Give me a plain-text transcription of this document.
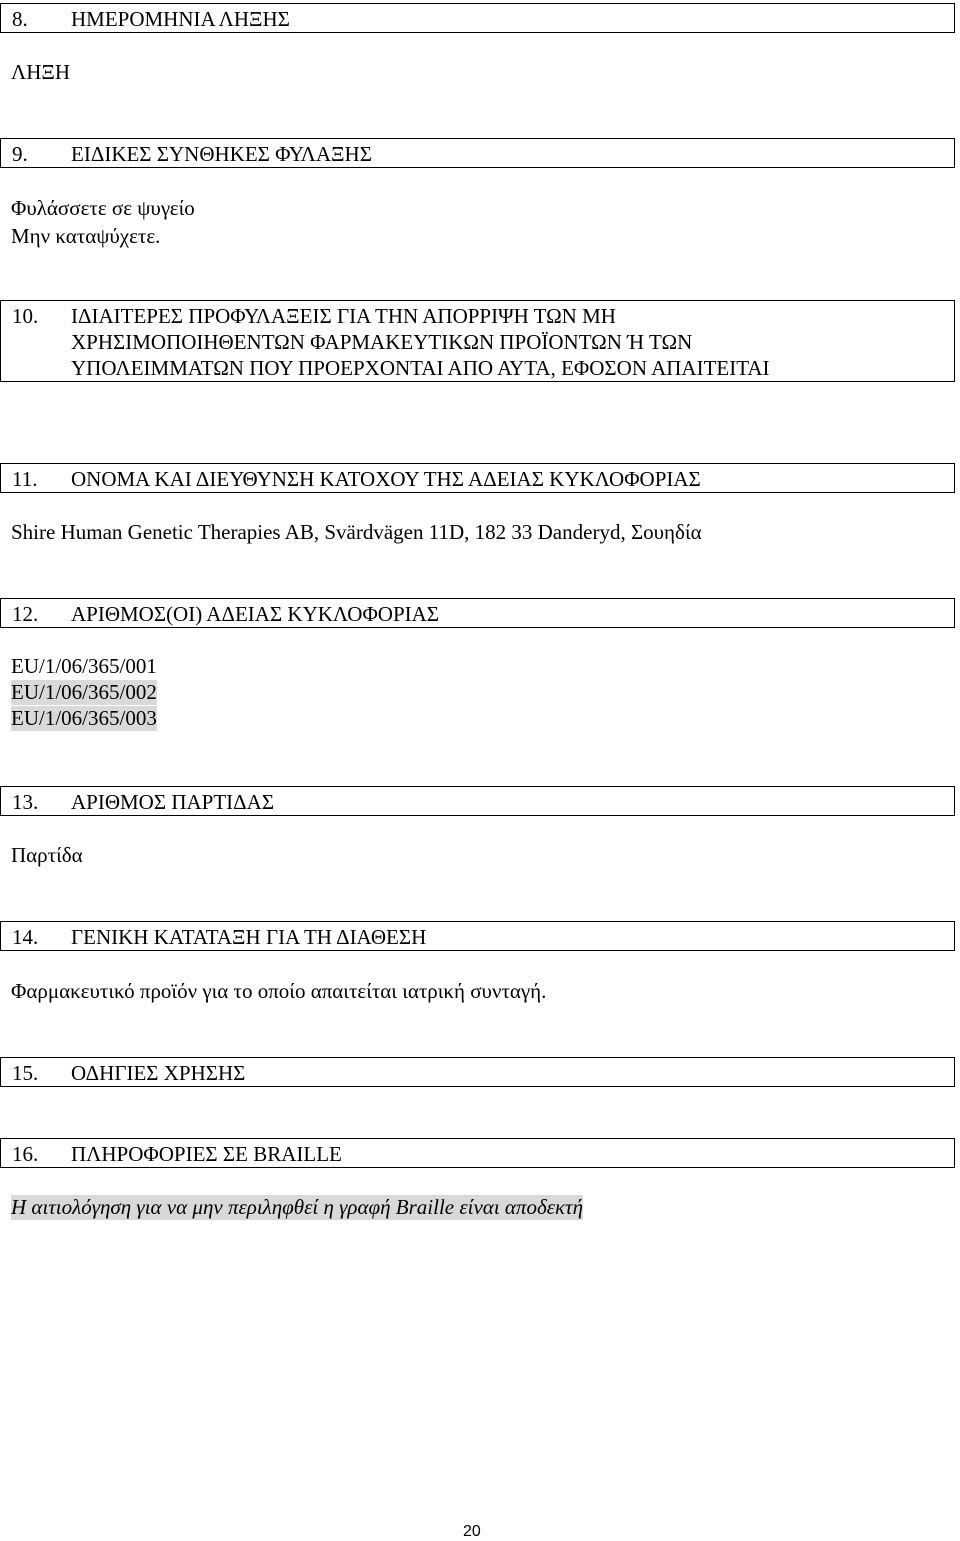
8. ΗΜΕΡΟΜΗΝΙΑ ΛΗΞΗΣ
ΛΗΞΗ
9. ΕΙΔΙΚΕΣ ΣΥΝΘΗΚΕΣ ΦΥΛΑΞΗΣ
Φυλάσσετε σε ψυγείο
Μην καταψύχετε.
10. ΙΔΙΑΙΤΕΡΕΣ ΠΡΟΦΥΛΑΞΕΙΣ ΓΙΑ ΤΗΝ ΑΠΟΡΡΙΨΗ ΤΩΝ ΜΗ
ΧΡΗΣΙΜΟΠΟΙΗΘΕΝΤΩΝ ΦΑΡΜΑΚΕΥΤΙΚΩΝ ΠΡΟΪΟΝΤΩΝ Ή ΤΩΝ
ΥΠΟΛΕΙΜΜΑΤΩΝ ΠΟΥ ΠΡΟΕΡΧΟΝΤΑΙ ΑΠΟ ΑΥΤΑ, ΕΦΟΣΟΝ ΑΠΑΙΤΕΙΤΑΙ
11. ΟΝΟΜΑ ΚΑΙ ΔΙΕΥΘΥΝΣΗ ΚΑΤΟΧΟΥ ΤΗΣ ΑΔΕΙΑΣ ΚΥΚΛΟΦΟΡΙΑΣ
Shire Human Genetic Therapies AB, Svärdvägen 11D, 182 33 Danderyd, Σουηδία
12. ΑΡΙΘΜΟΣ(ΟΙ) ΑΔΕΙΑΣ ΚΥΚΛΟΦΟΡΙΑΣ
EU/1/06/365/001
EU/1/06/365/002
EU/1/06/365/003
13. ΑΡΙΘΜΟΣ ΠΑΡΤΙΔΑΣ
Παρτίδα
14. ΓΕΝΙΚΗ ΚΑΤΑΤΑΞΗ ΓΙΑ ΤΗ ΔΙΑΘΕΣΗ
Φαρμακευτικό προϊόν για το οποίο απαιτείται ιατρική συνταγή.
15. ΟΔΗΓΙΕΣ ΧΡΗΣΗΣ
16. ΠΛΗΡΟΦΟΡΙΕΣ ΣΕ BRAILLE
Η αιτιολόγηση για να μην περιληφθεί η γραφή Braille είναι αποδεκτή
20
